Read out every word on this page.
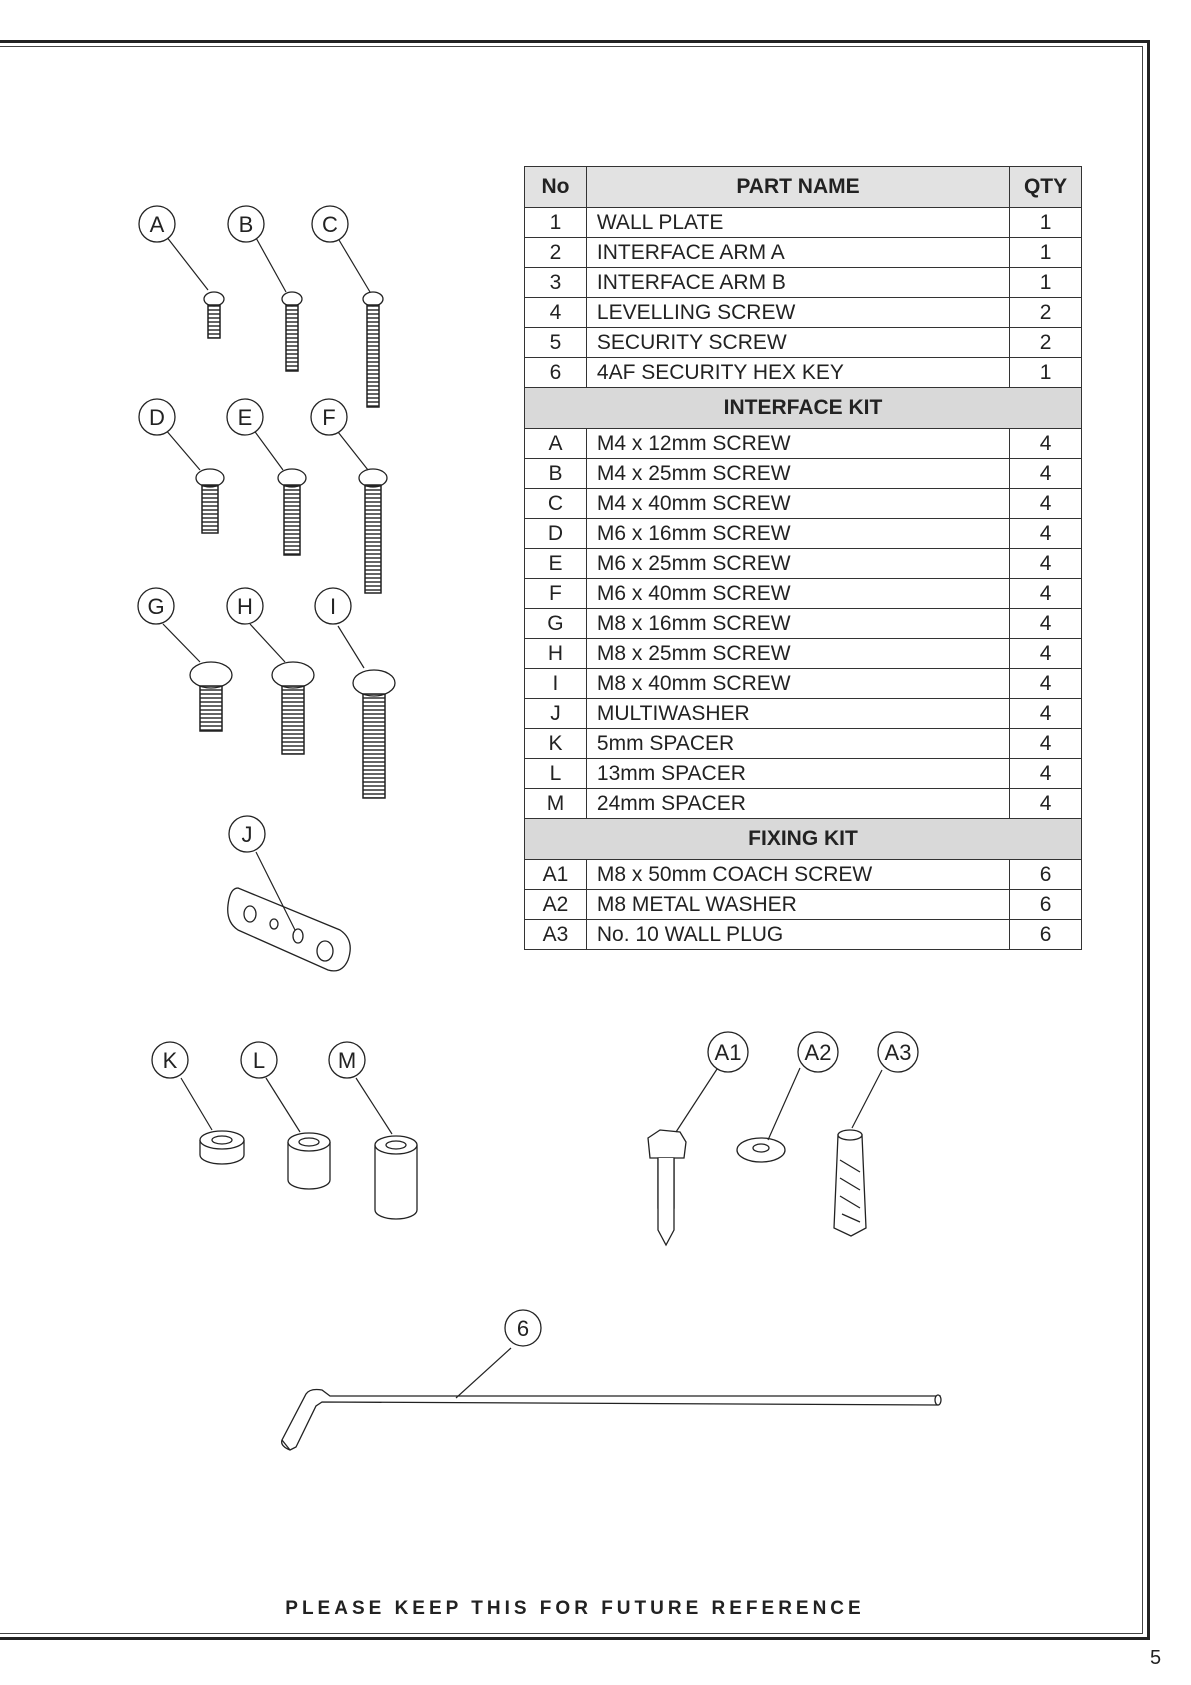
A	B	C
D	E	F
G	H	I
J
K	L	M	A1	A2 A3
6
No	PART NAME	QTY
1	WALL PLATE	1
2	INTERFACE ARM A	1
3	INTERFACE ARM B	1
4	LEVELLING SCREW	2
5	SECURITY SCREW	2
6	4AF SECURITY HEX KEY	1
INTERFACE KIT		
A	M4 x 12mm SCREW	4
B	M4 x 25mm SCREW	4
C	M4 x 40mm SCREW	4
D	M6 x 16mm SCREW	4
E	M6 x 25mm SCREW	4
F	M6 x 40mm SCREW	4
G	M8 x 16mm SCREW	4
H	M8 x 25mm SCREW	4
I	M8 x 40mm SCREW	4
J	MULTIWASHER	4
K	5mm SPACER	4
L	13mm SPACER	4
M	24mm SPACER	4
FIXING KIT		
A1	M8 x 50mm COACH SCREW	6
A2	M8 METAL WASHER	6
A3	No. 10 WALL PLUG	6
PLEASE KEEP THIS FOR FUTURE REFERENCE
5
